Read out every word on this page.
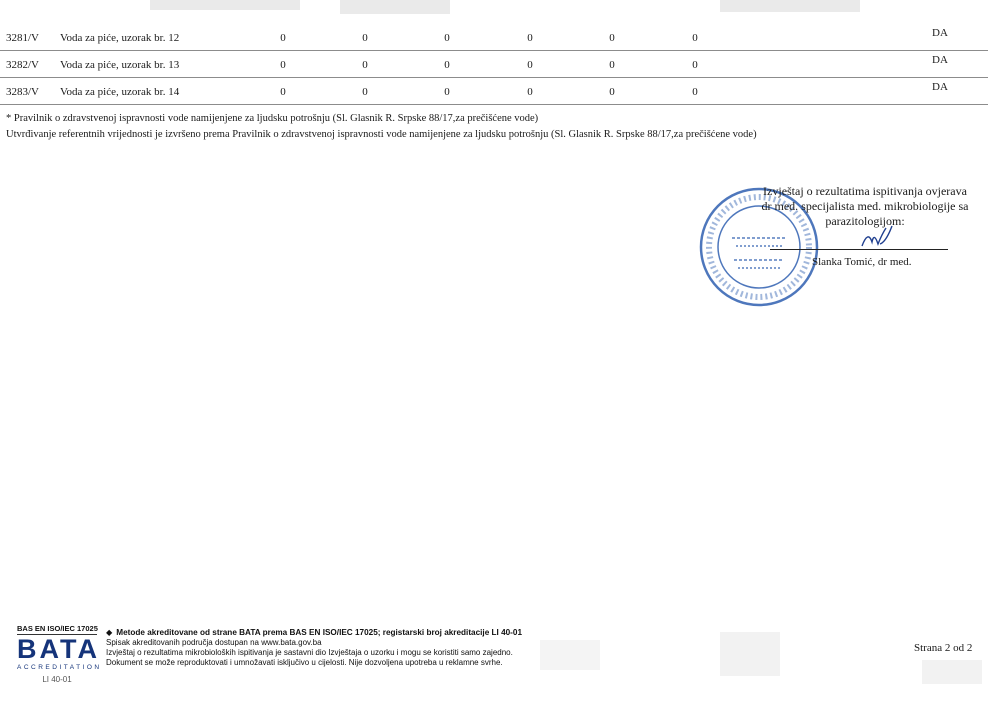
3281/V Voda za piće, uzorak br. 12	0	0	0	0	0	0	DA
3282/V Voda za piće, uzorak br. 13	0	0	0	0	0	0	DA
3283/V Voda za piće, uzorak br. 14	0	0	0	0	0	0	DA
* Pravilnik o zdravstvenoj ispravnosti vode namijenjene za ljudsku potrošnju (Sl. Glasnik R. Srpske 88/17,za prečišćene vode)
Utvrđivanje referentnih vrijednosti je izvršeno prema Pravilnik o zdravstvenoj ispravnosti vode namijenjene za ljudsku potrošnju (Sl. Glasnik R. Srpske 88/17,za prečišćene vode)
Izvještaj o rezultatima ispitivanja ovjerava
dr med. specijalista med. mikrobiologije sa
parazitologijom:
Slanka Tomić, dr med.
BAS EN ISO/IEC 17025
BATA
ACCREDITATION
LI 40-01
◆ Metode akreditovane od strane BATA prema BAS EN ISO/IEC 17025; registarski broj akreditacije LI 40-01
Spisak akreditovanih područja dostupan na www.bata.gov.ba
Izvještaj o rezultatima mikrobioloških ispitivanja je sastavni dio Izvještaja o uzorku i mogu se koristiti samo zajedno.
Dokument se može reproduktovati i umnožavati isključivo u cijelosti. Nije dozvoljena upotreba u reklamne svrhe.
Strana 2 od 2
